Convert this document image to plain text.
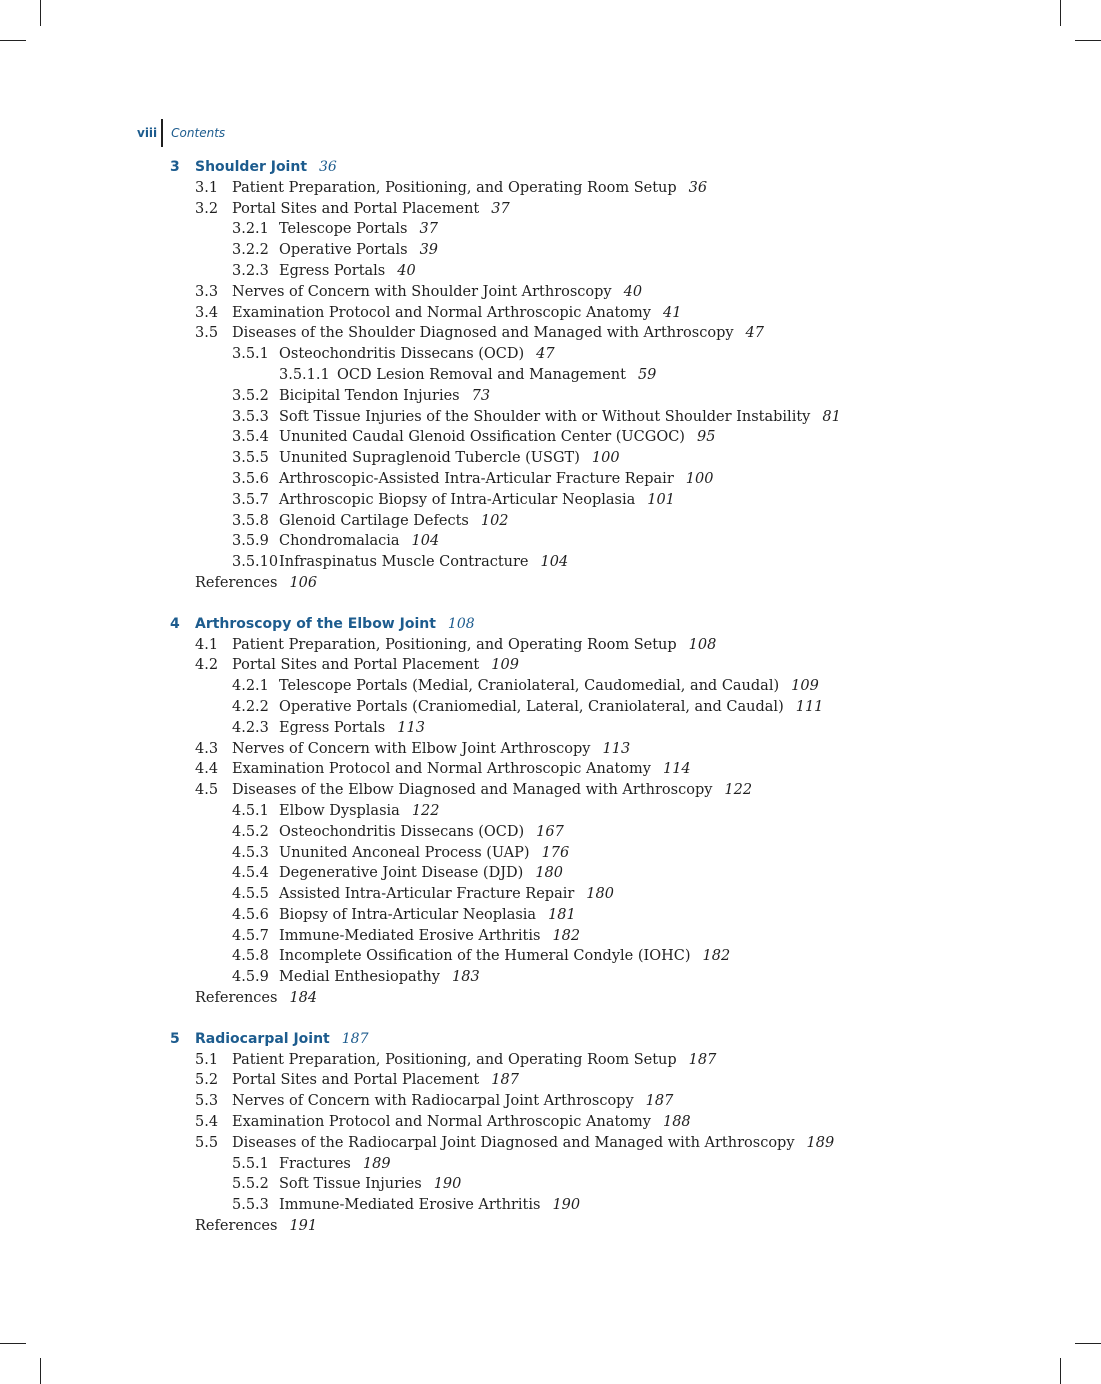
viii Contents
3 Shoulder Joint 36
3.1 Patient Preparation, Positioning, and Operating Room Setup 36
3.2 Portal Sites and Portal Placement 37
3.2.1 Telescope Portals 37
3.2.2 Operative Portals 39
3.2.3 Egress Portals 40
3.3 Nerves of Concern with Shoulder Joint Arthroscopy 40
3.4 Examination Protocol and Normal Arthroscopic Anatomy 41
3.5 Diseases of the Shoulder Diagnosed and Managed with Arthroscopy 47
3.5.1 Osteochondritis Dissecans (OCD) 47
3.5.1.1 OCD Lesion Removal and Management 59
3.5.2 Bicipital Tendon Injuries 73
3.5.3 Soft Tissue Injuries of the Shoulder with or Without Shoulder Instability 81
3.5.4 Ununited Caudal Glenoid Ossification Center (UCGOC) 95
3.5.5 Ununited Supraglenoid Tubercle (USGT) 100
3.5.6 Arthroscopic-Assisted Intra-Articular Fracture Repair 100
3.5.7 Arthroscopic Biopsy of Intra-Articular Neoplasia 101
3.5.8 Glenoid Cartilage Defects 102
3.5.9 Chondromalacia 104
3.5.10 Infraspinatus Muscle Contracture 104
References 106
4 Arthroscopy of the Elbow Joint 108
4.1 Patient Preparation, Positioning, and Operating Room Setup 108
4.2 Portal Sites and Portal Placement 109
4.2.1 Telescope Portals (Medial, Craniolateral, Caudomedial, and Caudal) 109
4.2.2 Operative Portals (Craniomedial, Lateral, Craniolateral, and Caudal) 111
4.2.3 Egress Portals 113
4.3 Nerves of Concern with Elbow Joint Arthroscopy 113
4.4 Examination Protocol and Normal Arthroscopic Anatomy 114
4.5 Diseases of the Elbow Diagnosed and Managed with Arthroscopy 122
4.5.1 Elbow Dysplasia 122
4.5.2 Osteochondritis Dissecans (OCD) 167
4.5.3 Ununited Anconeal Process (UAP) 176
4.5.4 Degenerative Joint Disease (DJD) 180
4.5.5 Assisted Intra-Articular Fracture Repair 180
4.5.6 Biopsy of Intra-Articular Neoplasia 181
4.5.7 Immune-Mediated Erosive Arthritis 182
4.5.8 Incomplete Ossification of the Humeral Condyle (IOHC) 182
4.5.9 Medial Enthesiopathy 183
References 184
5 Radiocarpal Joint 187
5.1 Patient Preparation, Positioning, and Operating Room Setup 187
5.2 Portal Sites and Portal Placement 187
5.3 Nerves of Concern with Radiocarpal Joint Arthroscopy 187
5.4 Examination Protocol and Normal Arthroscopic Anatomy 188
5.5 Diseases of the Radiocarpal Joint Diagnosed and Managed with Arthroscopy 189
5.5.1 Fractures 189
5.5.2 Soft Tissue Injuries 190
5.5.3 Immune-Mediated Erosive Arthritis 190
References 191
